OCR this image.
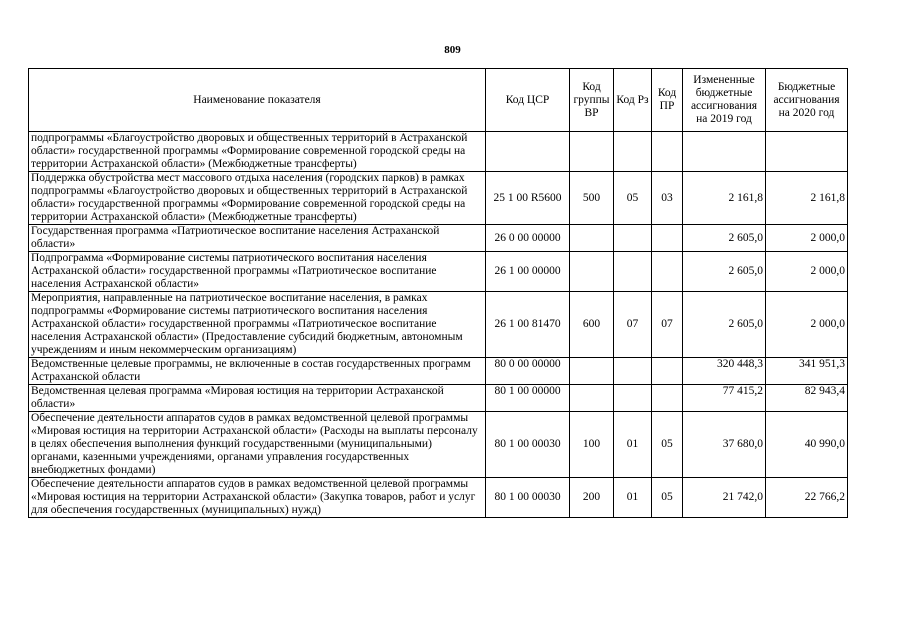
809
Наименование показателя	Код ЦСР	Код группы ВР	Код Рз	Код ПР	Измененные бюджетные ассигнования на 2019 год	Бюджетные ассигнования на 2020 год
подпрограммы «Благоустройство дворовых и общественных территорий в Астраханской области» государственной программы «Формирование современной городской среды на территории Астраханской области» (Межбюджетные трансферты)						
Поддержка обустройства мест массового отдыха населения (городских парков) в рамках подпрограммы «Благоустройство дворовых и общественных территорий в Астраханской области» государственной программы «Формирование современной городской среды на территории Астраханской области» (Межбюджетные трансферты)	25 1 00 R5600	500	05	03	2 161,8	2 161,8
Государственная программа «Патриотическое воспитание населения Астраханской области»	26 0 00 00000				2 605,0	2 000,0
Подпрограмма «Формирование системы патриотического воспитания населения Астраханской области» государственной программы «Патриотическое воспитание населения Астраханской области»	26 1 00 00000				2 605,0	2 000,0
Мероприятия, направленные на патриотическое воспитание населения, в рамках подпрограммы «Формирование системы патриотического воспитания населения Астраханской области» государственной программы «Патриотическое воспитание населения Астраханской области» (Предоставление субсидий бюджетным, автономным учреждениям и иным некоммерческим организациям)	26 1 00 81470	600	07	07	2 605,0	2 000,0
Ведомственные целевые программы, не включенные в состав государственных программ Астраханской области	80 0 00 00000				320 448,3	341 951,3
Ведомственная целевая программа «Мировая юстиция на территории Астраханской области»	80 1 00 00000				77 415,2	82 943,4
Обеспечение деятельности аппаратов судов в рамках ведомственной целевой программы «Мировая юстиция на территории Астраханской области» (Расходы на выплаты персоналу в целях обеспечения выполнения функций государственными (муниципальными) органами, казенными учреждениями, органами управления государственных внебюджетных фондами)	80 1 00 00030	100	01	05	37 680,0	40 990,0
Обеспечение деятельности аппаратов судов в рамках ведомственной целевой программы «Мировая юстиция на территории Астраханской области» (Закупка товаров, работ и услуг для обеспечения государственных (муниципальных) нужд)	80 1 00 00030	200	01	05	21 742,0	22 766,2
